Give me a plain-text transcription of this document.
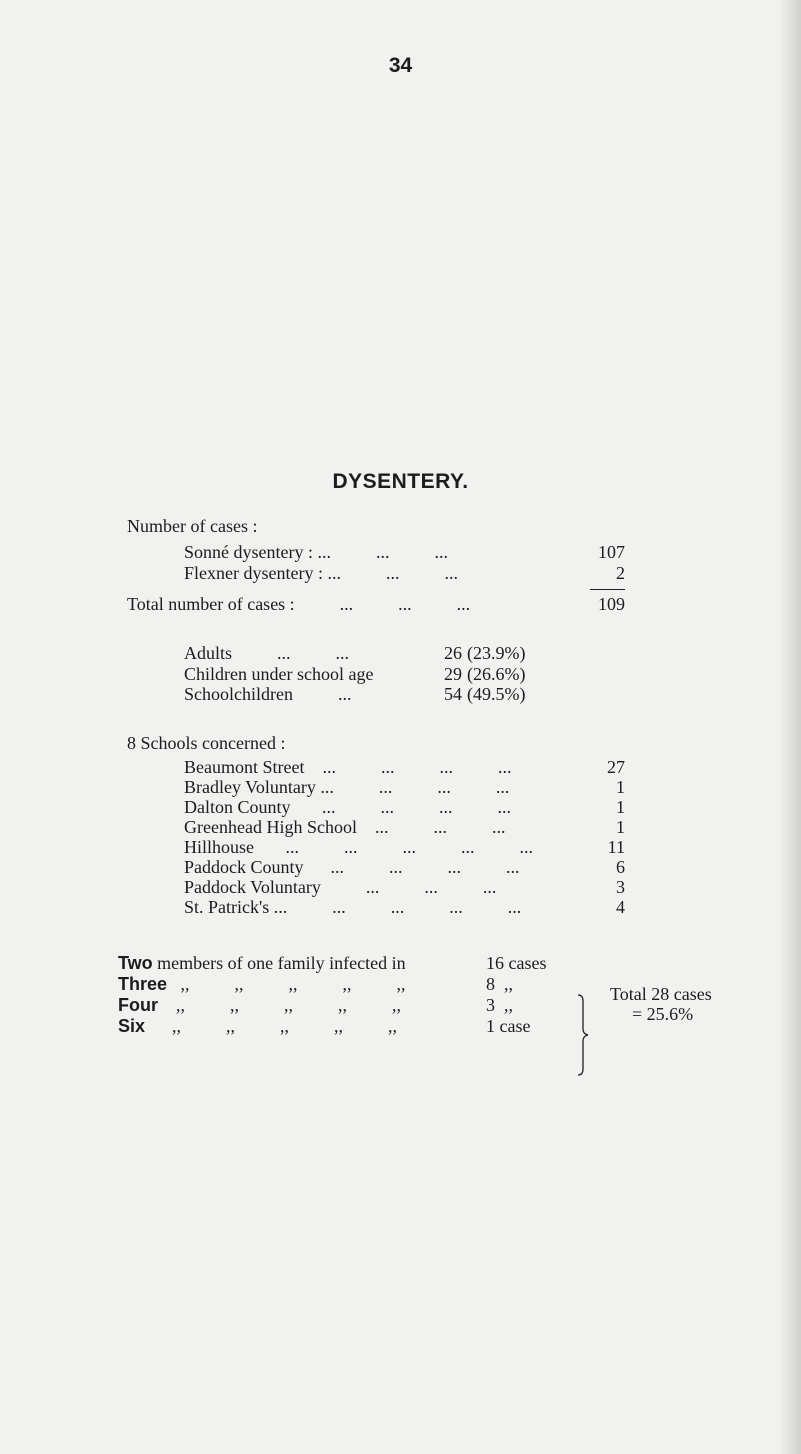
34
DYSENTERY.
Number of cases :
Sonné dysentery : ...          ...          ...	107
Flexner dysentery : ...          ...          ...	2
Total number of cases :          ...          ...          ...	109
Adults          ...          ...	26 (23.9%)
Children under school age	29 (26.6%)
Schoolchildren          ...	54 (49.5%)
8 Schools concerned :
Beaumont Street    ...          ...          ...          ...	27
Bradley Voluntary ...          ...          ...          ...	1
Dalton County       ...          ...          ...          ...	1
Greenhead High School    ...          ...          ...	1
Hillhouse       ...          ...          ...          ...          ...	11
Paddock County      ...          ...          ...          ...	6
Paddock Voluntary          ...          ...          ...	3
St. Patrick's ...          ...          ...          ...          ...	4
Two members of one family infected in	16 cases
Three   ,,          ,,          ,,          ,,          ,,	8  ,,
Four    ,,          ,,          ,,          ,,          ,,	3  ,,
Six      ,,          ,,          ,,          ,,          ,,	1 case
Total 28 cases
= 25.6%
